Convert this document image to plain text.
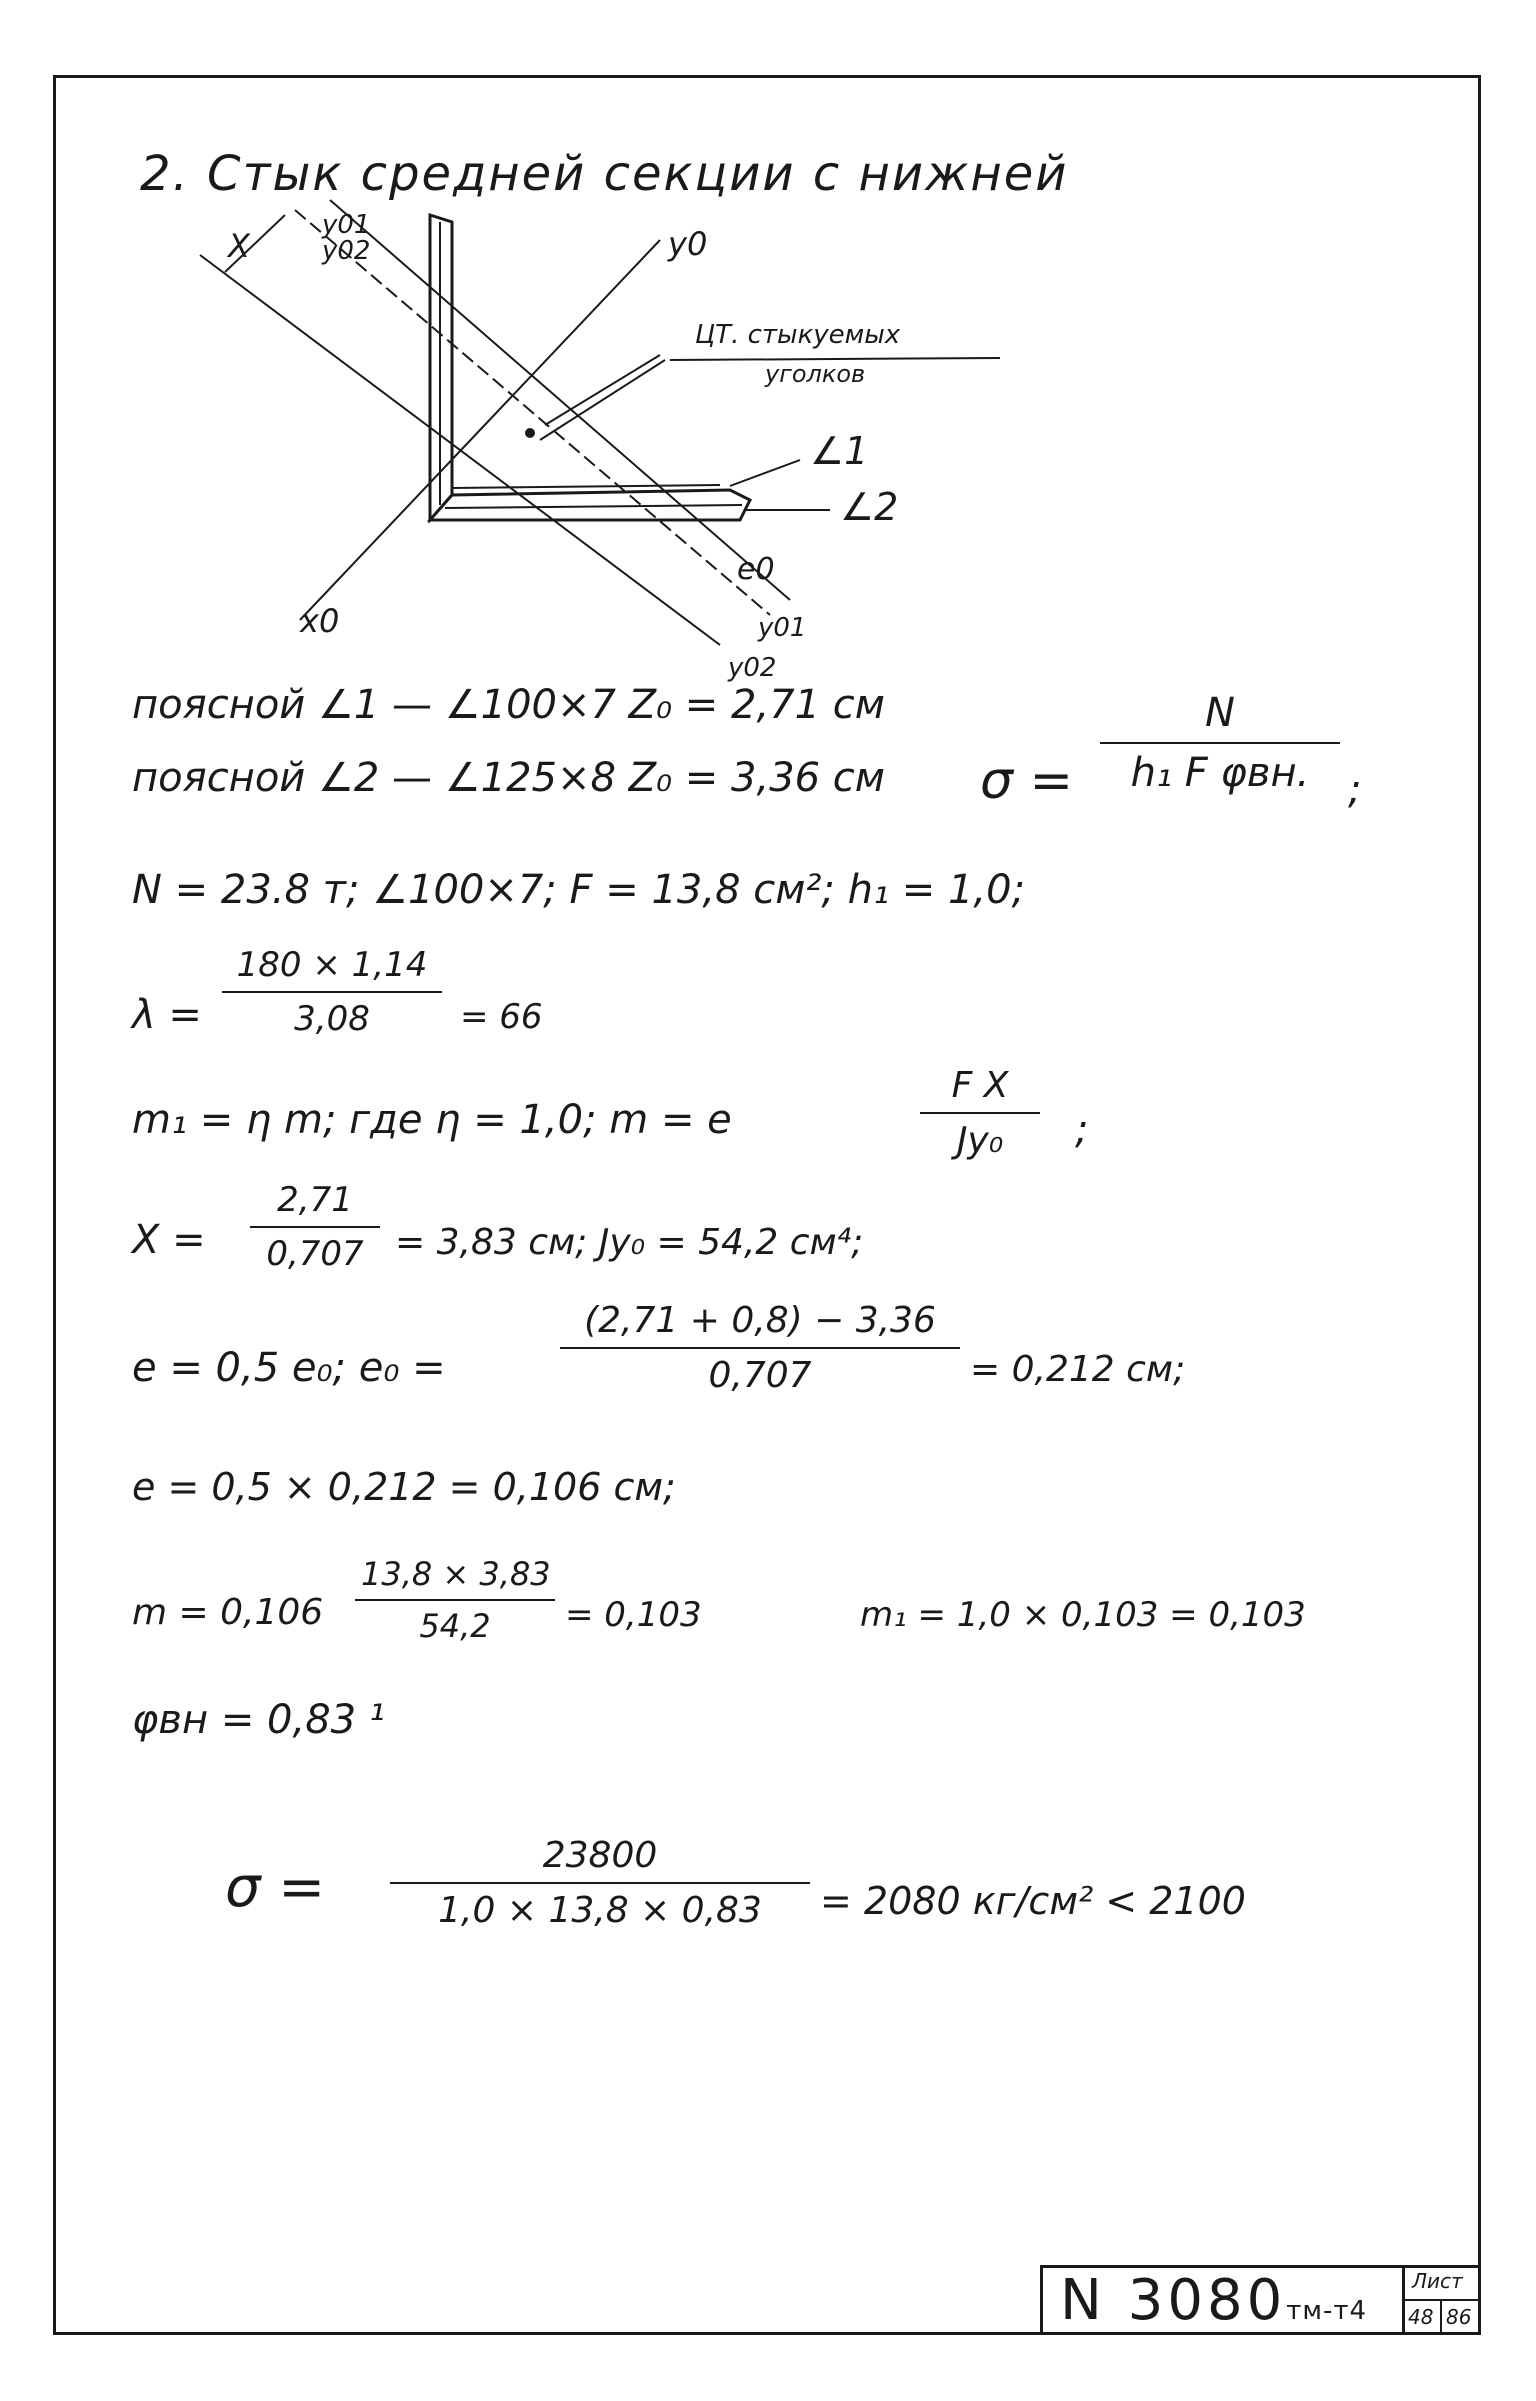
2. Стык средней секции с нижней
X
y01
y02	y0
x0
e0
y01
y02
∠1
∠2
ЦТ. стыкуемых
уголков
поясной ∠1 — ∠100×7 Z₀ = 2,71 см
поясной ∠2 — ∠125×8 Z₀ = 3,36 см σ =
N
h₁ F φвн. ;
N = 23.8 т; ∠100×7; F = 13,8 см²; h₁ = 1,0;
$\lambda = \frac{180 \times 1,14}{3,08} = 66$
m₁ = η m; где η = 1,0; m = e	$\frac{\text{F X}}{\text{Jy₀}}$ ;
$X = \frac{2,71}{0,707} = 3,83$ см; Jy₀ = 54,2 см⁴;
e = 0,5 e₀; e₀ =	$\frac{(2,71 + 0,8) - 3,36}{0,707} = 0,212$ см;
e = 0,5 × 0,212 = 0,106 см;
$m = 0,106 \frac{13,8 \times 3,83}{54,2} = 0,103$	m₁ = 1,0 × 0,103 = 0,103
φвн = 0,83 ¹
$\sigma = \frac{23800}{1,0 \times 13,8 \times 0,83} = 2080$ кг/см² < 2100
N 3080тм-т4
Лист
48 86
